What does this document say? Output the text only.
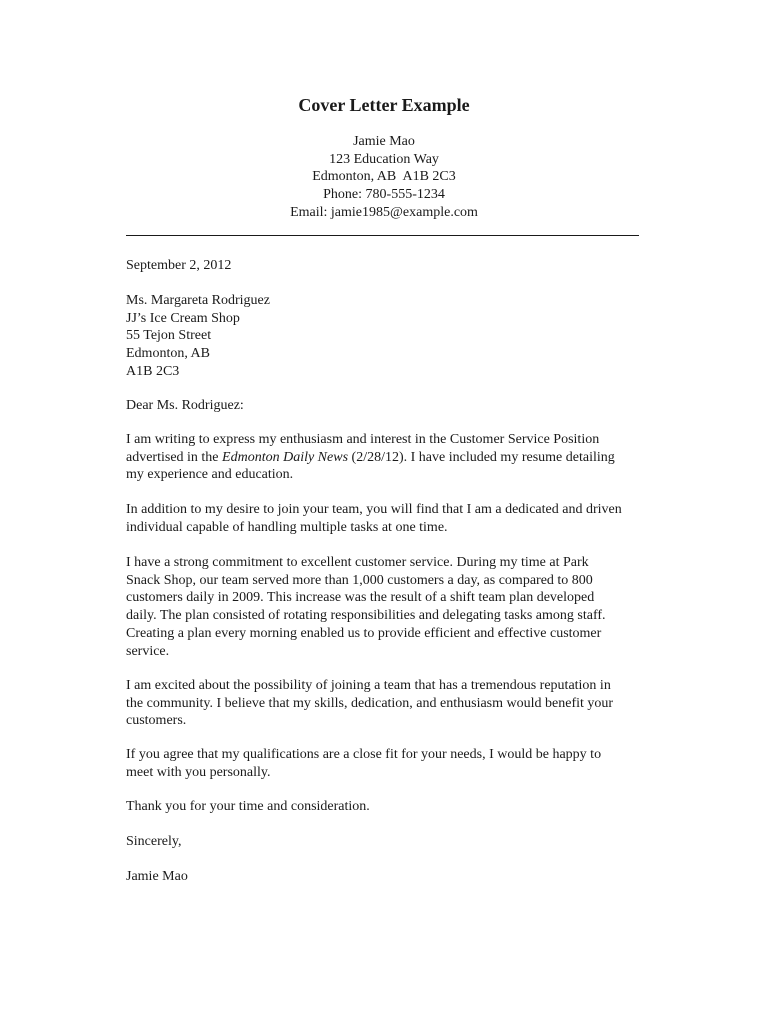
Cover Letter Example
Jamie Mao
123 Education Way
Edmonton, AB  A1B 2C3
Phone: 780-555-1234
Email: jamie1985@example.com
September 2, 2012
Ms. Margareta Rodriguez
JJ’s Ice Cream Shop
55 Tejon Street
Edmonton, AB
A1B 2C3
Dear Ms. Rodriguez:
I am writing to express my enthusiasm and interest in the Customer Service Position
advertised in the Edmonton Daily News (2/28/12). I have included my resume detailing
my experience and education.
In addition to my desire to join your team, you will find that I am a dedicated and driven
individual capable of handling multiple tasks at one time.
I have a strong commitment to excellent customer service. During my time at Park
Snack Shop, our team served more than 1,000 customers a day, as compared to 800
customers daily in 2009. This increase was the result of a shift team plan developed
daily. The plan consisted of rotating responsibilities and delegating tasks among staff.
Creating a plan every morning enabled us to provide efficient and effective customer
service.
I am excited about the possibility of joining a team that has a tremendous reputation in
the community. I believe that my skills, dedication, and enthusiasm would benefit your
customers.
If you agree that my qualifications are a close fit for your needs, I would be happy to
meet with you personally.
Thank you for your time and consideration.
Sincerely,
Jamie Mao
